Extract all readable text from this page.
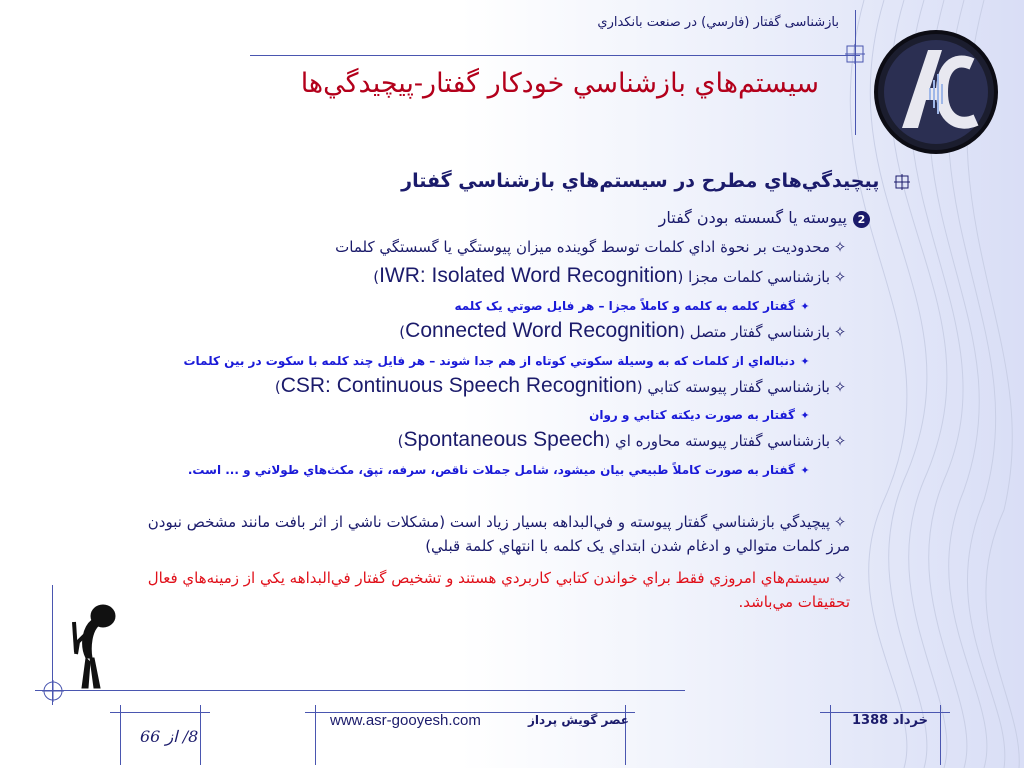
بازشناسی گفتار (فارسي) در صنعت بانکداري
سيستم‌هاي بازشناسي خودکار گفتار-پيچيدگي‌ها
پيچيدگي‌هاي مطرح در سيستم‌هاي بازشناسي گفتار
2پيوسته يا گسسته بودن گفتار
✧محدوديت بر نحوة اداي کلمات توسط گوينده ميزان پيوستگي يا گسستگي کلمات
✧بازشناسي کلمات مجزا (IWR: Isolated Word Recognition)
✦گفتار کلمه به کلمه و کاملاً مجزا – هر فايل صوتي يک کلمه
✧بازشناسي گفتار متصل (Connected Word Recognition)
✦دنباله‌اي از کلمات که به وسيلة سکوتي کوتاه از هم جدا شوند – هر فايل چند کلمه با سکوت در بين کلمات
✧بازشناسي گفتار پيوسته کتابي (CSR: Continuous Speech Recognition)
✦گفتار به صورت ديکته کتابي و روان
✧بازشناسي گفتار پيوسته محاوره اي (Spontaneous Speech)
✦گفتار به صورت کاملاً طبيعي بيان ميشود، شامل جملات ناقص، سرفه، تپق، مکث‌هاي طولاني و ... است.
✧پيچيدگي بازشناسي گفتار پيوسته و في‌البداهه بسيار زياد است (مشکلات ناشي از اثر بافت مانند مشخص نبودن مرز کلمات متوالي و ادغام شدن ابتداي يک کلمه با انتهاي کلمة قبلي)
✧سيستم‌هاي امروزي فقط براي خواندن کتابي کاربردي هستند و تشخيص گفتار في‌البداهه يکي از زمينه‌هاي فعال تحقيقات مي‌باشد.
8/ از 66
www.asr-gooyesh.com	عصر گويش پرداز	خرداد 1388
